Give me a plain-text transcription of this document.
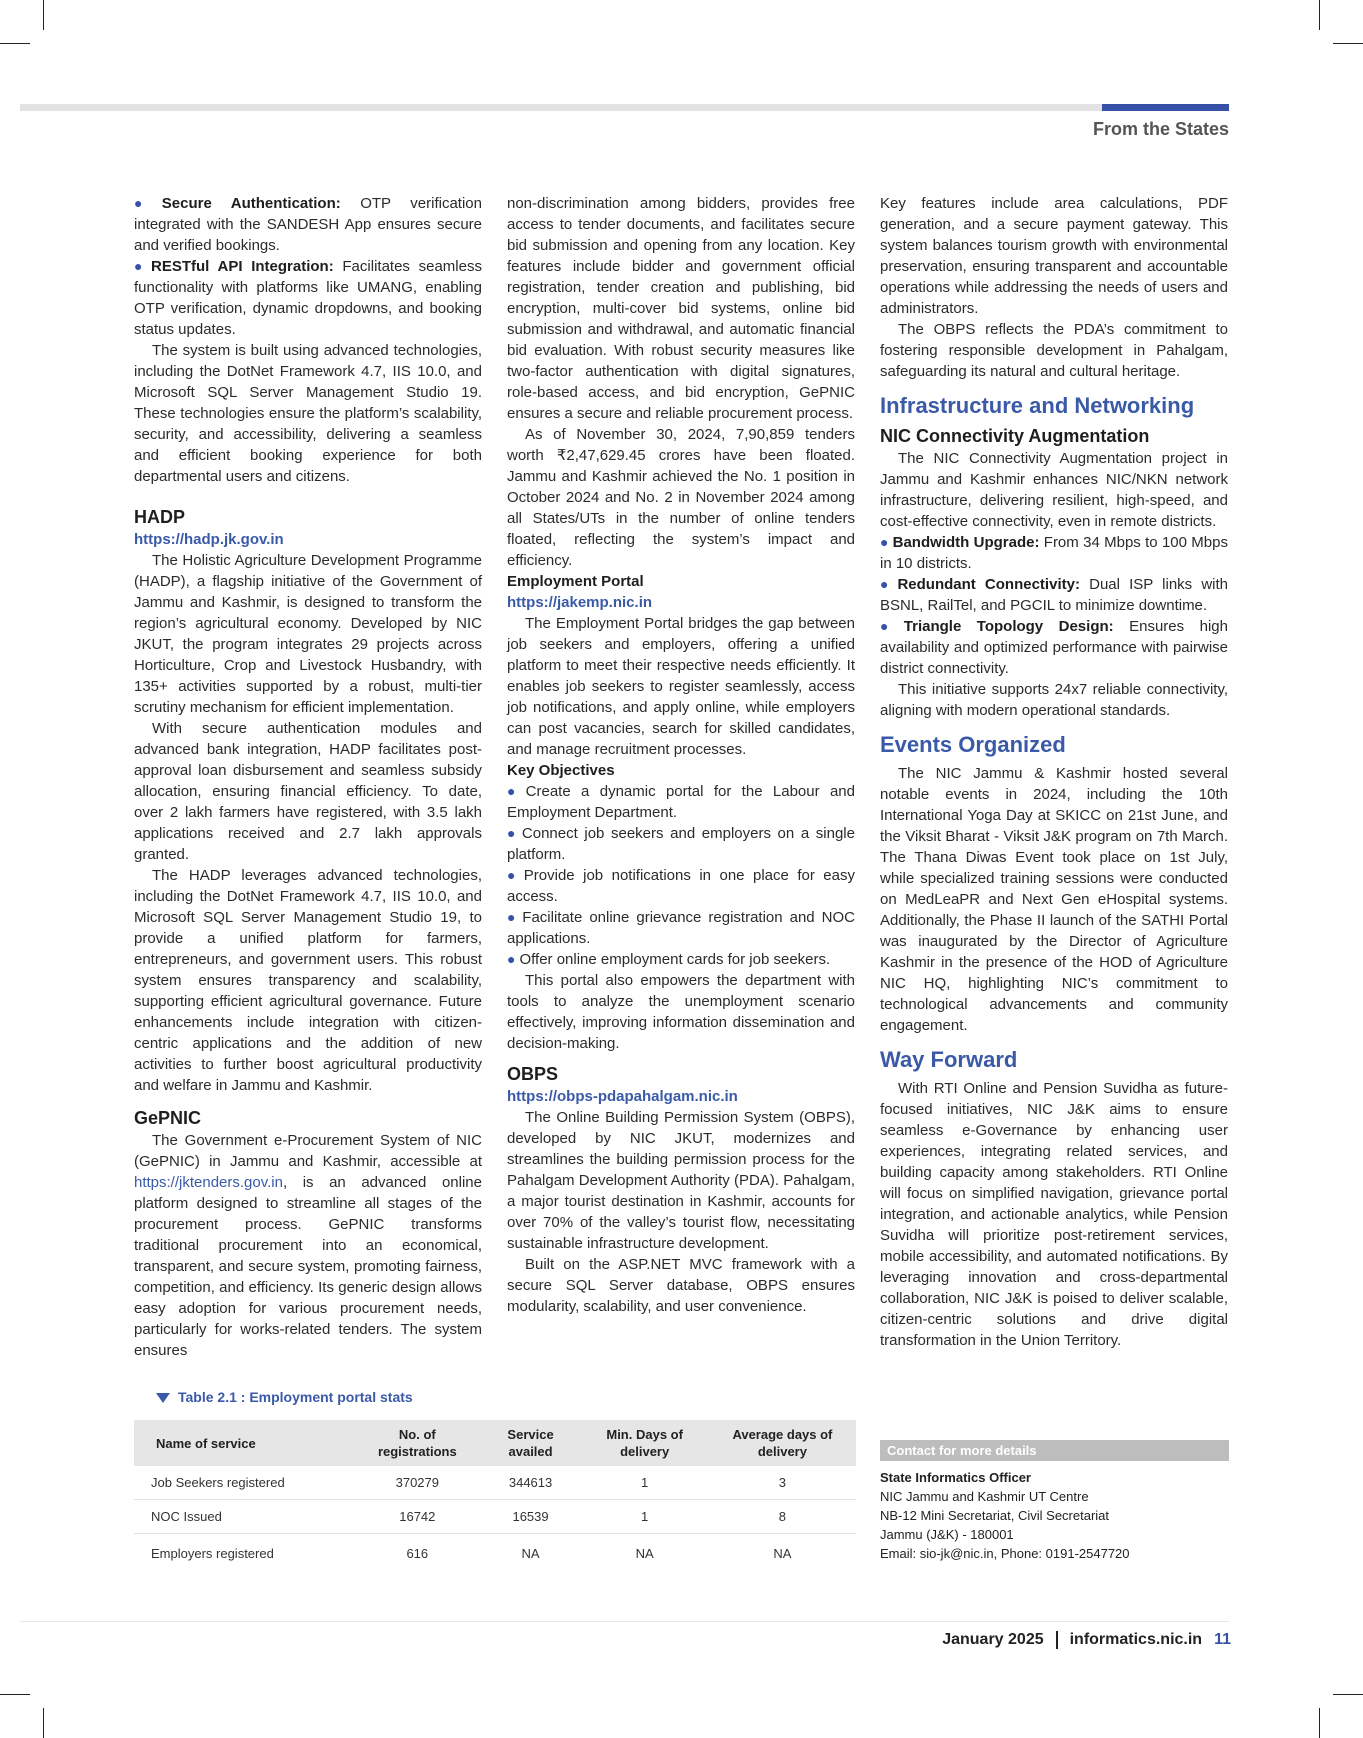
From the States

● Secure Authentication: OTP verification integrated with the SANDESH App ensures secure and verified bookings.

● RESTful API Integration: Facilitates seamless functionality with platforms like UMANG, enabling OTP verification, dynamic dropdowns, and booking status updates.

The system is built using advanced technologies, including the DotNet Framework 4.7, IIS 10.0, and Microsoft SQL Server Management Studio 19. These technologies ensure the platform’s scalability, security, and accessibility, delivering a seamless and efficient booking experience for both departmental users and citizens.

HADP
https://hadp.jk.gov.in

The Holistic Agriculture Development Programme (HADP), a flagship initiative of the Government of Jammu and Kashmir, is designed to transform the region’s agricultural economy. Developed by NIC JKUT, the program integrates 29 projects across Horticulture, Crop and Livestock Husbandry, with 135+ activities supported by a robust, multi-tier scrutiny mechanism for efficient implementation.

With secure authentication modules and advanced bank integration, HADP facilitates post-approval loan disbursement and seamless subsidy allocation, ensuring financial efficiency. To date, over 2 lakh farmers have registered, with 3.5 lakh applications received and 2.7 lakh approvals granted.

The HADP leverages advanced technologies, including the DotNet Framework 4.7, IIS 10.0, and Microsoft SQL Server Management Studio 19, to provide a unified platform for farmers, entrepreneurs, and government users. This robust system ensures transparency and scalability, supporting efficient agricultural governance. Future enhancements include integration with citizen-centric applications and the addition of new activities to further boost agricultural productivity and welfare in Jammu and Kashmir.

GePNIC

The Government e-Procurement System of NIC (GePNIC) in Jammu and Kashmir, accessible at https://jktenders.gov.in, is an advanced online platform designed to streamline all stages of the procurement process. GePNIC transforms traditional procurement into an economical, transparent, and secure system, promoting fairness, competition, and efficiency. Its generic design allows easy adoption for various procurement needs, particularly for works-related tenders. The system ensures

non-discrimination among bidders, provides free access to tender documents, and facilitates secure bid submission and opening from any location. Key features include bidder and government official registration, tender creation and publishing, bid encryption, multi-cover bid systems, online bid submission and withdrawal, and automatic financial bid evaluation. With robust security measures like two-factor authentication with digital signatures, role-based access, and bid encryption, GePNIC ensures a secure and reliable procurement process.

As of November 30, 2024, 7,90,859 tenders worth ₹2,47,629.45 crores have been floated. Jammu and Kashmir achieved the No. 1 position in October 2024 and No. 2 in November 2024 among all States/UTs in the number of online tenders floated, reflecting the system’s impact and efficiency.

Employment Portal
https://jakemp.nic.in

The Employment Portal bridges the gap between job seekers and employers, offering a unified platform to meet their respective needs efficiently. It enables job seekers to register seamlessly, access job notifications, and apply online, while employers can post vacancies, search for skilled candidates, and manage recruitment processes.

Key Objectives

● Create a dynamic portal for the Labour and Employment Department.

● Connect job seekers and employers on a single platform.

● Provide job notifications in one place for easy access.

● Facilitate online grievance registration and NOC applications.

● Offer online employment cards for job seekers.

This portal also empowers the department with tools to analyze the unemployment scenario effectively, improving information dissemination and decision-making.

OBPS
https://obps-pdapahalgam.nic.in

The Online Building Permission System (OBPS), developed by NIC JKUT, modernizes and streamlines the building permission process for the Pahalgam Development Authority (PDA). Pahalgam, a major tourist destination in Kashmir, accounts for over 70% of the valley’s tourist flow, necessitating sustainable infrastructure development.

Built on the ASP.NET MVC framework with a secure SQL Server database, OBPS ensures modularity, scalability, and user convenience.

Key features include area calculations, PDF generation, and a secure payment gateway. This system balances tourism growth with environmental preservation, ensuring transparent and accountable operations while addressing the needs of users and administrators.

The OBPS reflects the PDA’s commitment to fostering responsible development in Pahalgam, safeguarding its natural and cultural heritage.

Infrastructure and Networking
NIC Connectivity Augmentation

The NIC Connectivity Augmentation project in Jammu and Kashmir enhances NIC/NKN network infrastructure, delivering resilient, high-speed, and cost-effective connectivity, even in remote districts.

● Bandwidth Upgrade: From 34 Mbps to 100 Mbps in 10 districts.

● Redundant Connectivity: Dual ISP links with BSNL, RailTel, and PGCIL to minimize downtime.

● Triangle Topology Design: Ensures high availability and optimized performance with pairwise district connectivity.

This initiative supports 24x7 reliable connectivity, aligning with modern operational standards.

Events Organized

The NIC Jammu & Kashmir hosted several notable events in 2024, including the 10th International Yoga Day at SKICC on 21st June, and the Viksit Bharat - Viksit J&K program on 7th March. The Thana Diwas Event took place on 1st July, while specialized training sessions were conducted on MedLeaPR and Next Gen eHospital systems. Additionally, the Phase II launch of the SATHI Portal was inaugurated by the Director of Agriculture Kashmir in the presence of the HOD of Agriculture NIC HQ, highlighting NIC’s commitment to technological advancements and community engagement.

Way Forward

With RTI Online and Pension Suvidha as future-focused initiatives, NIC J&K aims to ensure seamless e-Governance by enhancing user experiences, integrating related services, and building capacity among stakeholders. RTI Online will focus on simplified navigation, grievance portal integration, and actionable analytics, while Pension Suvidha will prioritize post-retirement services, mobile accessibility, and automated notifications. By leveraging innovation and cross-departmental collaboration, NIC J&K is poised to deliver scalable, citizen-centric solutions and drive digital transformation in the Union Territory.

Table 2.1 : Employment portal stats
Name of service	No. of registrations	Service availed	Min. Days of delivery	Average days of delivery
Job Seekers registered	370279	344613	1	3
NOC Issued	16742	16539	1	8
Employers registered	616	NA	NA	NA
Contact for more details
State Informatics Officer
NIC Jammu and Kashmir UT Centre
NB-12 Mini Secretariat, Civil Secretariat
Jammu (J&K) - 180001
Email: sio-jk@nic.in, Phone: 0191-2547720
January 2025 informatics.nic.in 11
